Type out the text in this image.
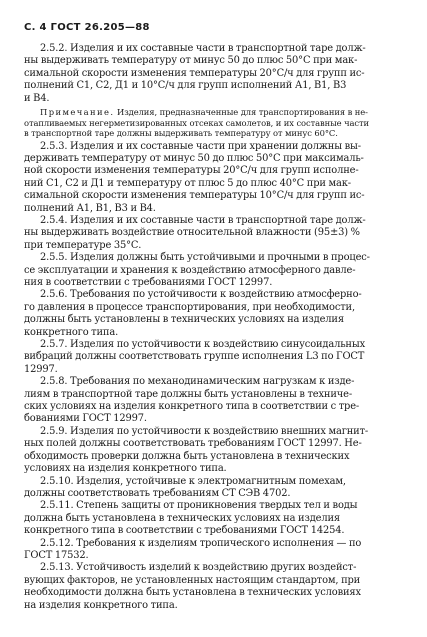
С. 4 ГОСТ 26.205—88

2.5.2. Изделия и их составные части в транспортной таре долж-
ны выдерживать температуру от минус 50 до плюс 50°С при мак-
симальной скорости изменения температуры 20°С/ч для групп ис-
полнений С1, С2, Д1 и 10°С/ч для групп исполнений А1, В1, В3
и В4.

Примечание. Изделия, предназначенные для транспортирования в не-
отапливаемых негерметизированных отсеках самолетов, и их составные части
в транспортной таре должны выдерживать температуру от минус 60°С.

2.5.3. Изделия и их составные части при хранении должны вы-
держивать температуру от минус 50 до плюс 50°С при максималь-
ной скорости изменения температуры 20°С/ч для групп исполне-
ний С1, С2 и Д1 и температуру от плюс 5 до плюс 40°С при мак-
симальной скорости изменения температуры 10°С/ч для групп ис-
полнений А1, В1, В3 и В4.

2.5.4. Изделия и их составные части в транспортной таре долж-
ны выдерживать воздействие относительной влажности (95±3) %
при температуре 35°С.

2.5.5. Изделия должны быть устойчивыми и прочными в процес-
се эксплуатации и хранения к воздействию атмосферного давле-
ния в соответствии с требованиями ГОСТ 12997.

2.5.6. Требования по устойчивости к воздействию атмосферно-
го давления в процессе транспортирования, при необходимости,
должны быть установлены в технических условиях на изделия
конкретного типа.

2.5.7. Изделия по устойчивости к воздействию синусоидальных
вибраций должны соответствовать группе исполнения L3 по ГОСТ
12997.

2.5.8. Требования по механодинамическим нагрузкам к изде-
лиям в транспортной таре должны быть установлены в техниче-
ских условиях на изделия конкретного типа в соответствии с тре-
бованиями ГОСТ 12997.

2.5.9. Изделия по устойчивости к воздействию внешних магнит-
ных полей должны соответствовать требованиям ГОСТ 12997. Не-
обходимость проверки должна быть установлена в технических
условиях на изделия конкретного типа.

2.5.10. Изделия, устойчивые к электромагнитным помехам,
должны соответствовать требованиям СТ СЭВ 4702.

2.5.11. Степень защиты от проникновения твердых тел и воды
должна быть установлена в технических условиях на изделия
конкретного типа в соответствии с требованиями ГОСТ 14254.

2.5.12. Требования к изделиям тропического исполнения — по
ГОСТ 17532.

2.5.13. Устойчивость изделий к воздействию других воздейст-
вующих факторов, не установленных настоящим стандартом, при
необходимости должна быть установлена в технических условиях
на изделия конкретного типа.
